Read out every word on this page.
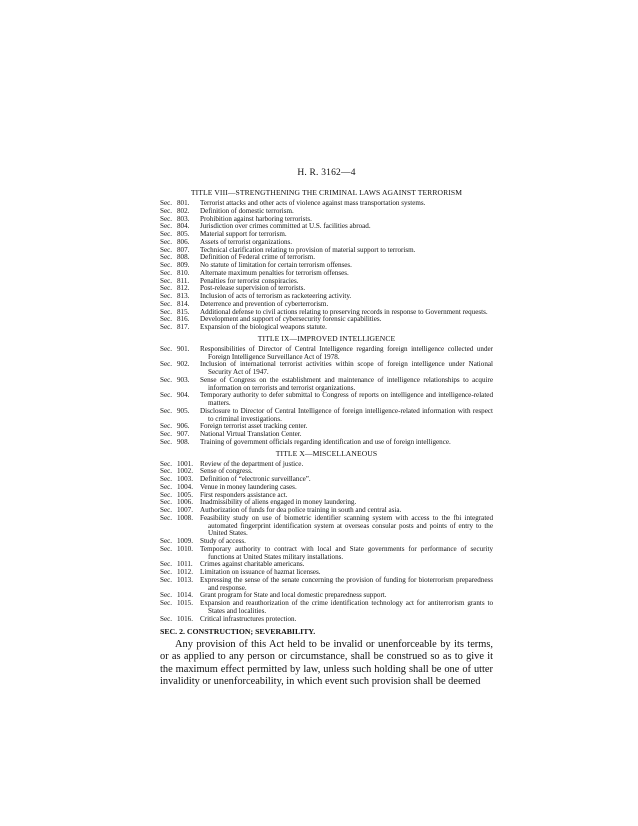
H. R. 3162—4
TITLE VIII—STRENGTHENING THE CRIMINAL LAWS AGAINST TERRORISM
Sec. 801.	Terrorist attacks and other acts of violence against mass transportation systems.
Sec. 802.	Definition of domestic terrorism.
Sec. 803.	Prohibition against harboring terrorists.
Sec. 804.	Jurisdiction over crimes committed at U.S. facilities abroad.
Sec. 805.	Material support for terrorism.
Sec. 806.	Assets of terrorist organizations.
Sec. 807.	Technical clarification relating to provision of material support to terrorism.
Sec. 808.	Definition of Federal crime of terrorism.
Sec. 809.	No statute of limitation for certain terrorism offenses.
Sec. 810.	Alternate maximum penalties for terrorism offenses.
Sec. 811.	Penalties for terrorist conspiracies.
Sec. 812.	Post-release supervision of terrorists.
Sec. 813.	Inclusion of acts of terrorism as racketeering activity.
Sec. 814.	Deterrence and prevention of cyberterrorism.
Sec. 815.	Additional defense to civil actions relating to preserving records in response to Government requests.
Sec. 816.	Development and support of cybersecurity forensic capabilities.
Sec. 817.	Expansion of the biological weapons statute.
TITLE IX—IMPROVED INTELLIGENCE
Sec. 901.	Responsibilities of Director of Central Intelligence regarding foreign intelligence collected under Foreign Intelligence Surveillance Act of 1978.
Sec. 902.	Inclusion of international terrorist activities within scope of foreign intelligence under National Security Act of 1947.
Sec. 903.	Sense of Congress on the establishment and maintenance of intelligence relationships to acquire information on terrorists and terrorist organizations.
Sec. 904.	Temporary authority to defer submittal to Congress of reports on intelligence and intelligence-related matters.
Sec. 905.	Disclosure to Director of Central Intelligence of foreign intelligence-related information with respect to criminal investigations.
Sec. 906.	Foreign terrorist asset tracking center.
Sec. 907.	National Virtual Translation Center.
Sec. 908.	Training of government officials regarding identification and use of foreign intelligence.
TITLE X—MISCELLANEOUS
Sec. 1001. Review of the department of justice.
Sec. 1002. Sense of congress.
Sec. 1003. Definition of “electronic surveillance”.
Sec. 1004. Venue in money laundering cases.
Sec. 1005. First responders assistance act.
Sec. 1006. Inadmissibility of aliens engaged in money laundering.
Sec. 1007. Authorization of funds for dea police training in south and central asia.
Sec. 1008. Feasibility study on use of biometric identifier scanning system with access to the fbi integrated automated fingerprint identification system at overseas consular posts and points of entry to the United States.
Sec. 1009. Study of access.
Sec. 1010. Temporary authority to contract with local and State governments for performance of security functions at United States military installations.
Sec. 1011.	Crimes against charitable americans.
Sec. 1012. Limitation on issuance of hazmat licenses.
Sec. 1013. Expressing the sense of the senate concerning the provision of funding for bioterrorism preparedness and response.
Sec. 1014. Grant program for State and local domestic preparedness support.
Sec. 1015. Expansion and reauthorization of the crime identification technology act for antiterrorism grants to States and localities.
Sec. 1016. Critical infrastructures protection.
SEC. 2. CONSTRUCTION; SEVERABILITY.

Any provision of this Act held to be invalid or unenforceable by its terms, or as applied to any person or circumstance, shall be construed so as to give it the maximum effect permitted by law, unless such holding shall be one of utter invalidity or unenforceability, in which event such provision shall be deemed
